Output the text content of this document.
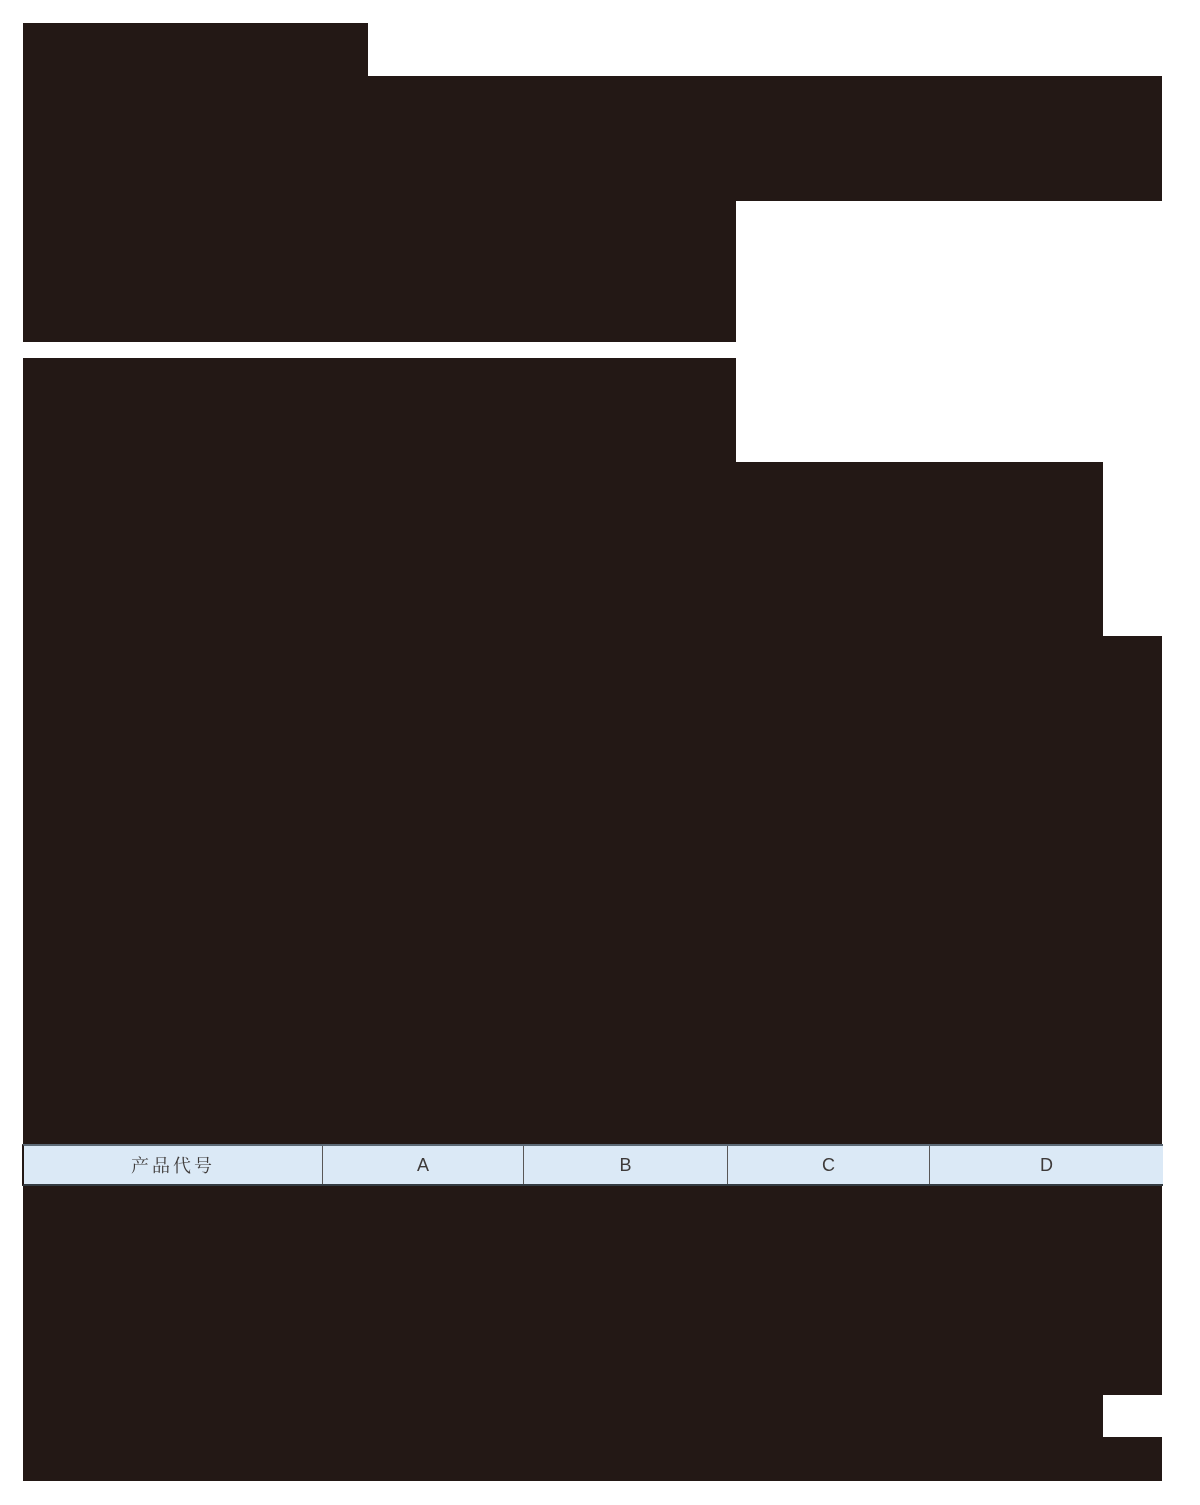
产品代号	A	B	C	D
